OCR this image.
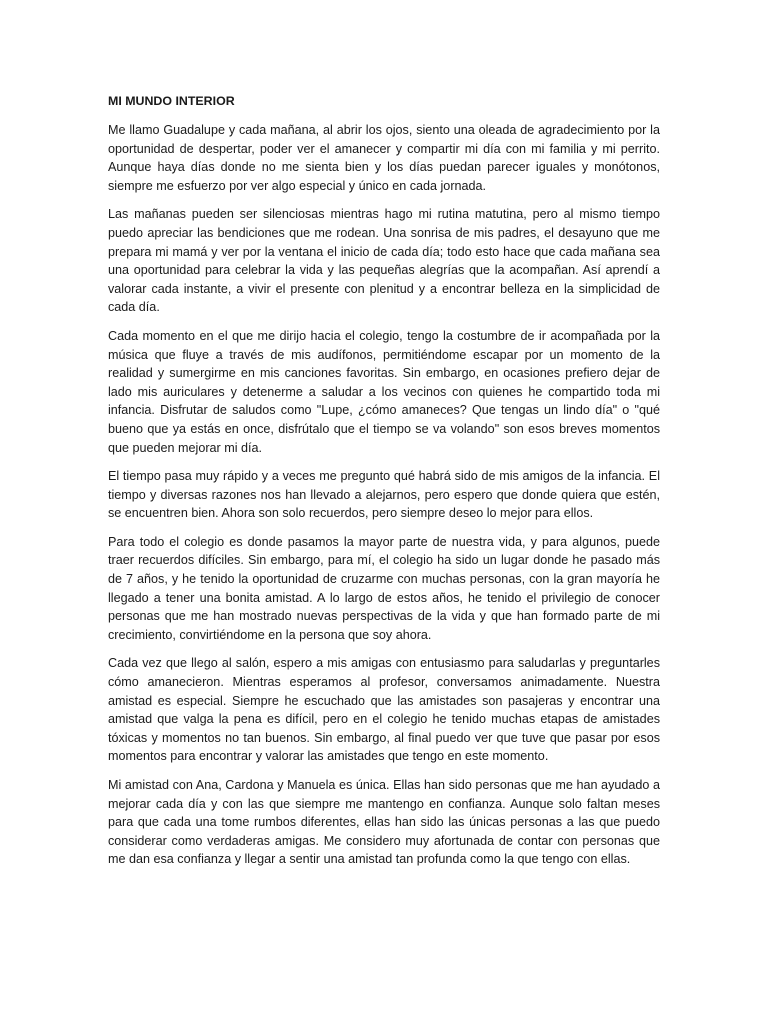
MI MUNDO INTERIOR

Me llamo Guadalupe y cada mañana, al abrir los ojos, siento una oleada de agradecimiento por la oportunidad de despertar, poder ver el amanecer y compartir mi día con mi familia y mi perrito. Aunque haya días donde no me sienta bien y los días puedan parecer iguales y monótonos, siempre me esfuerzo por ver algo especial y único en cada jornada.

Las mañanas pueden ser silenciosas mientras hago mi rutina matutina, pero al mismo tiempo puedo apreciar las bendiciones que me rodean. Una sonrisa de mis padres, el desayuno que me prepara mi mamá y ver por la ventana el inicio de cada día; todo esto hace que cada mañana sea una oportunidad para celebrar la vida y las pequeñas alegrías que la acompañan. Así aprendí a valorar cada instante, a vivir el presente con plenitud y a encontrar belleza en la simplicidad de cada día.

Cada momento en el que me dirijo hacia el colegio, tengo la costumbre de ir acompañada por la música que fluye a través de mis audífonos, permitiéndome escapar por un momento de la realidad y sumergirme en mis canciones favoritas. Sin embargo, en ocasiones prefiero dejar de lado mis auriculares y detenerme a saludar a los vecinos con quienes he compartido toda mi infancia. Disfrutar de saludos como "Lupe, ¿cómo amaneces? Que tengas un lindo día" o "qué bueno que ya estás en once, disfrútalo que el tiempo se va volando" son esos breves momentos que pueden mejorar mi día.

El tiempo pasa muy rápido y a veces me pregunto qué habrá sido de mis amigos de la infancia. El tiempo y diversas razones nos han llevado a alejarnos, pero espero que donde quiera que estén, se encuentren bien. Ahora son solo recuerdos, pero siempre deseo lo mejor para ellos.

Para todo el colegio es donde pasamos la mayor parte de nuestra vida, y para algunos, puede traer recuerdos difíciles. Sin embargo, para mí, el colegio ha sido un lugar donde he pasado más de 7 años, y he tenido la oportunidad de cruzarme con muchas personas, con la gran mayoría he llegado a tener una bonita amistad. A lo largo de estos años, he tenido el privilegio de conocer personas que me han mostrado nuevas perspectivas de la vida y que han formado parte de mi crecimiento, convirtiéndome en la persona que soy ahora.

Cada vez que llego al salón, espero a mis amigas con entusiasmo para saludarlas y preguntarles cómo amanecieron. Mientras esperamos al profesor, conversamos animadamente. Nuestra amistad es especial. Siempre he escuchado que las amistades son pasajeras y encontrar una amistad que valga la pena es difícil, pero en el colegio he tenido muchas etapas de amistades tóxicas y momentos no tan buenos. Sin embargo, al final puedo ver que tuve que pasar por esos momentos para encontrar y valorar las amistades que tengo en este momento.

Mi amistad con Ana, Cardona y Manuela es única. Ellas han sido personas que me han ayudado a mejorar cada día y con las que siempre me mantengo en confianza. Aunque solo faltan meses para que cada una tome rumbos diferentes, ellas han sido las únicas personas a las que puedo considerar como verdaderas amigas. Me considero muy afortunada de contar con personas que me dan esa confianza y llegar a sentir una amistad tan profunda como la que tengo con ellas.
